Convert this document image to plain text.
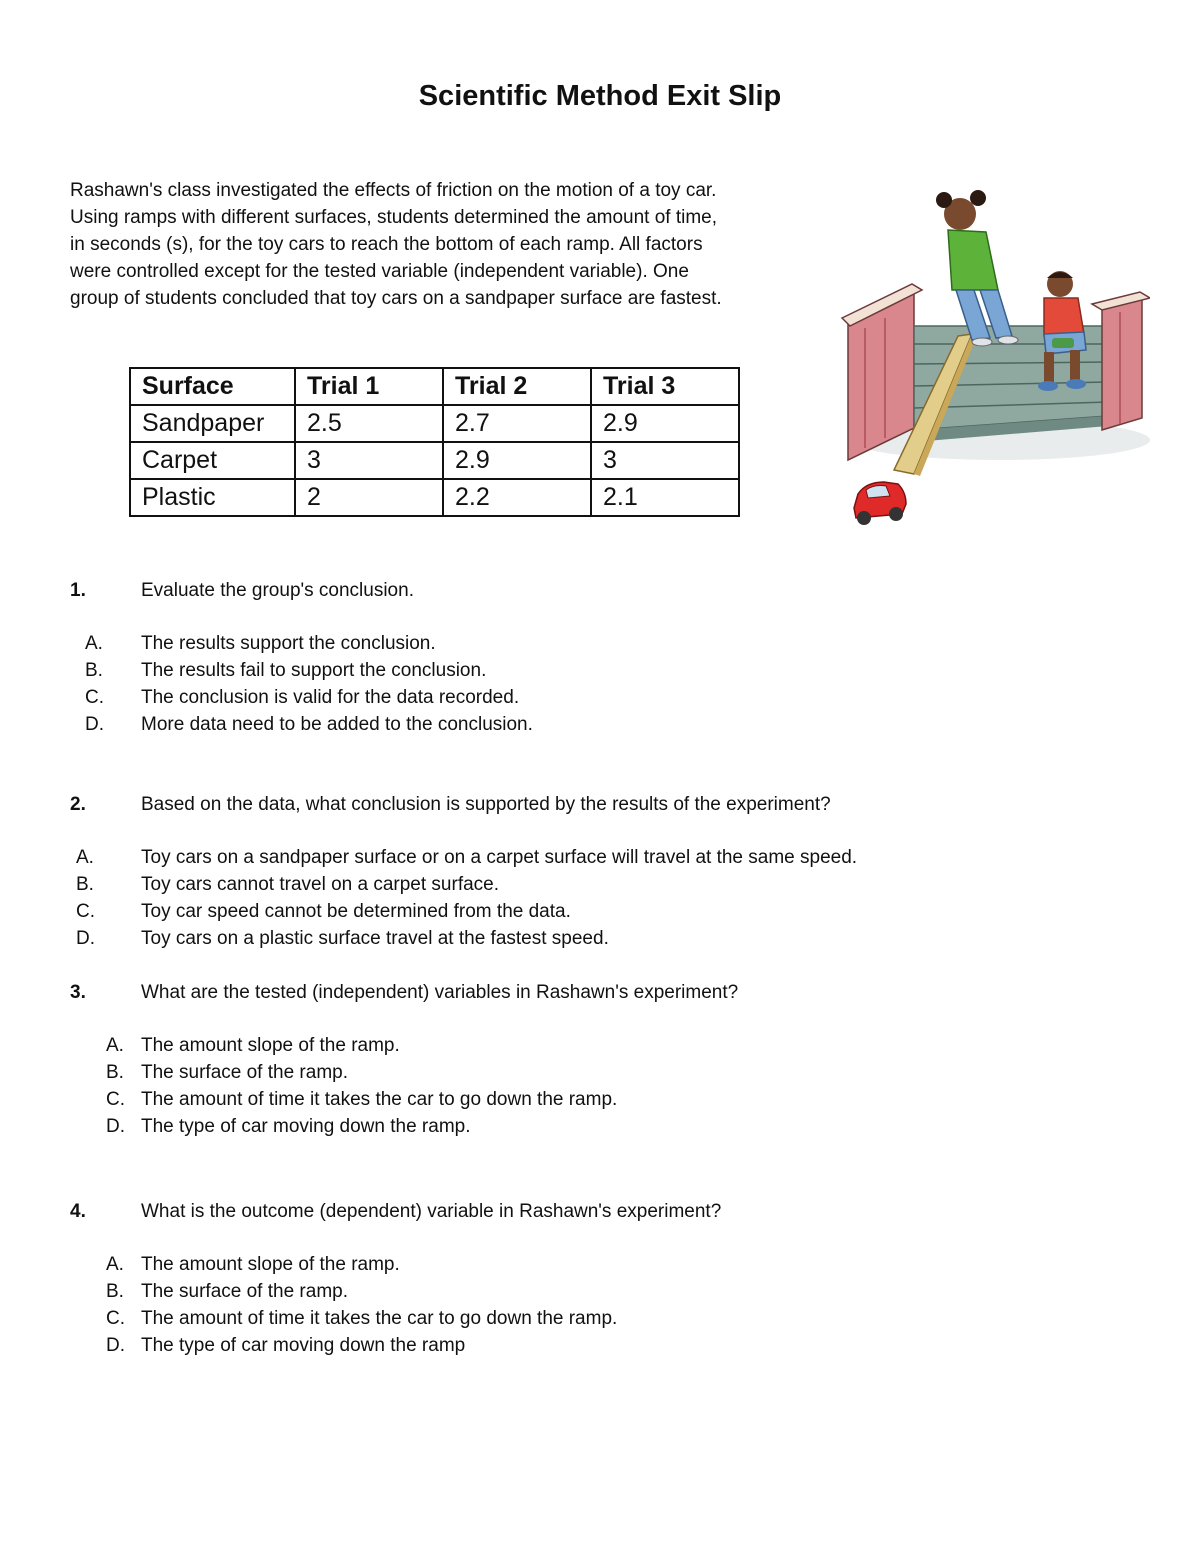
Scientific Method Exit Slip

Rashawn's class investigated the effects of friction on the motion of a toy car.
Using ramps with different surfaces, students determined the amount of time,
in seconds (s), for the toy cars to reach the bottom of each ramp. All factors
were controlled except for the tested variable (independent variable). One
group of students concluded that toy cars on a sandpaper surface are fastest.

Surface	Trial 1	Trial 2	Trial 3
Sandpaper	2.5	2.7	2.9
Carpet	3	2.9	3
Plastic	2	2.2	2.1
1.	Evaluate the group's conclusion.
A. The results support the conclusion.
B. The results fail to support the conclusion.
C. The conclusion is valid for the data recorded.
D. More data need to be added to the conclusion.
2.	Based on the data, what conclusion is supported by the results of the experiment?
A. Toy cars on a sandpaper surface or on a carpet surface will travel at the same speed.
B. Toy cars cannot travel on a carpet surface.
C. Toy car speed cannot be determined from the data.
D. Toy cars on a plastic surface travel at the fastest speed.
3.	What are the tested (independent) variables in Rashawn's experiment?
A. The amount slope of the ramp.
B. The surface of the ramp.
C. The amount of time it takes the car to go down the ramp.
D. The type of car moving down the ramp.
4.	What is the outcome (dependent) variable in Rashawn's experiment?
A. The amount slope of the ramp.
B. The surface of the ramp.
C. The amount of time it takes the car to go down the ramp.
D. The type of car moving down the ramp
